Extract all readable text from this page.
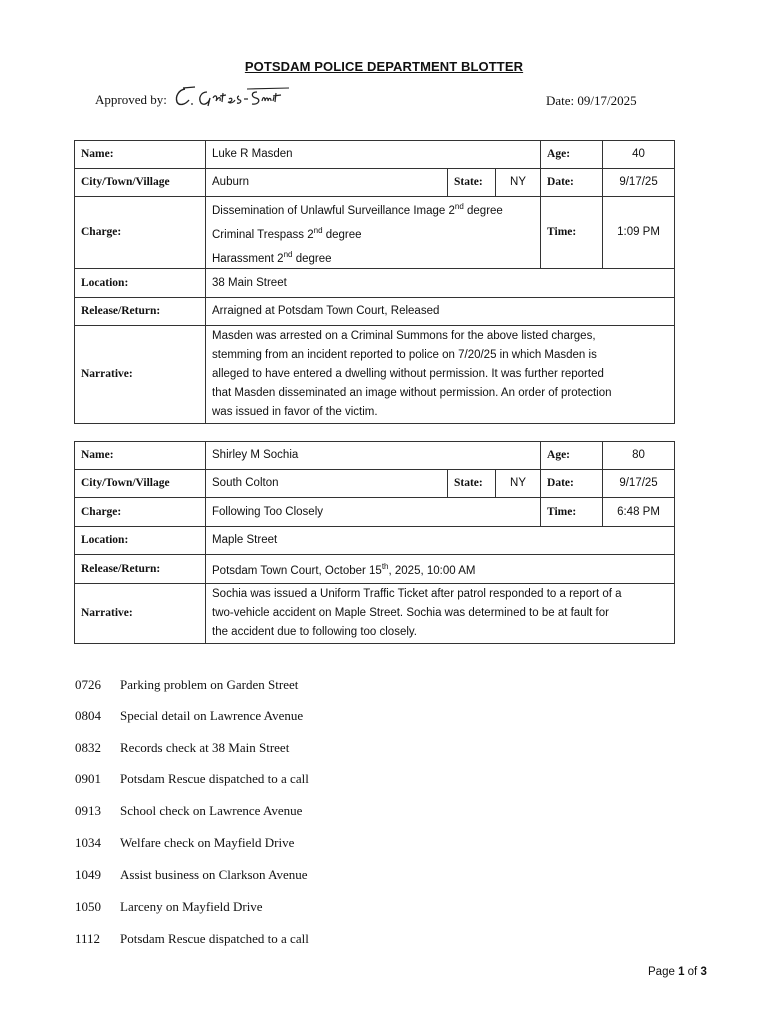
POTSDAM POLICE DEPARTMENT BLOTTER
Approved by:	Date: 09/17/2025
Name:	Luke R Masden			Age:	40
City/Town/Village	Auburn	State:	NY	Date:	9/17/25
Charge:	Dissemination of Unlawful Surveillance Image 2nd degree
Criminal Trespass 2nd degree
Harassment 2nd degree			Time:	1:09 PM
Location:	38 Main Street				
Release/Return:	Arraigned at Potsdam Town Court, Released				

Narrative:	Masden was arrested on a Criminal Summons for the above listed charges,
stemming from an incident reported to police on 7/20/25 in which Masden is
alleged to have entered a dwelling without permission. It was further reported
that Masden disseminated an image without permission. An order of protection
was issued in favor of the victim.				
Name:	Shirley M Sochia			Age:	80
City/Town/Village	South Colton	State:	NY	Date:	9/17/25
Charge:	Following Too Closely			Time:	6:48 PM
Location:	Maple Street				
Release/Return:	Potsdam Town Court, October 15th, 2025, 10:00 AM				

Narrative:	Sochia was issued a Uniform Traffic Ticket after patrol responded to a report of a
two-vehicle accident on Maple Street. Sochia was determined to be at fault for
the accident due to following too closely.				
0726 Parking problem on Garden Street
0804 Special detail on Lawrence Avenue
0832 Records check at 38 Main Street
0901 Potsdam Rescue dispatched to a call
0913 School check on Lawrence Avenue
1034 Welfare check on Mayfield Drive
1049 Assist business on Clarkson Avenue
1050 Larceny on Mayfield Drive
1112 Potsdam Rescue dispatched to a call
Page 1 of 3
